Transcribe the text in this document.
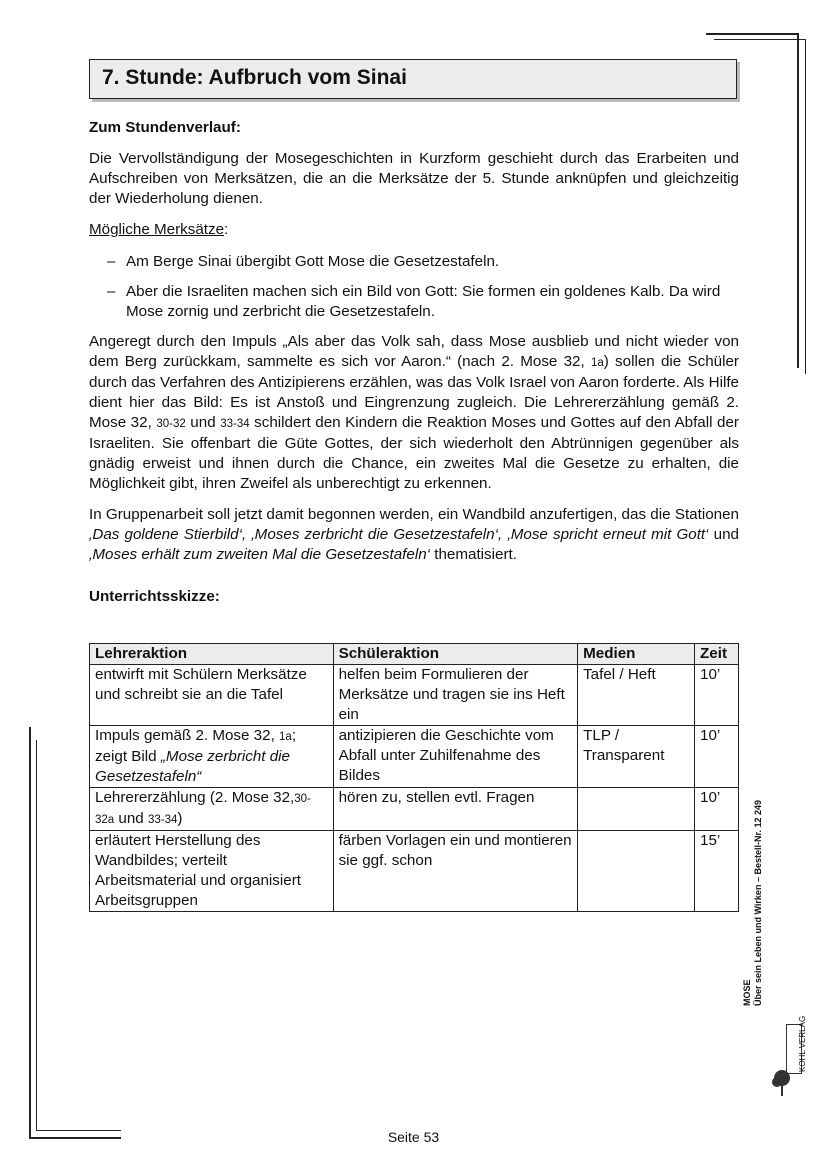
7. Stunde: Aufbruch vom Sinai

Zum Stundenverlauf:

Die Vervollständigung der Mosegeschichten in Kurzform geschieht durch das Erarbeiten und Aufschreiben von Merksätzen, die an die Merksätze der 5. Stunde anknüpfen und gleichzeitig der Wiederholung dienen.

Mögliche Merksätze:

– Am Berge Sinai übergibt Gott Mose die Gesetzestafeln.
– Aber die Israeliten machen sich ein Bild von Gott: Sie formen ein goldenes Kalb. Da wird Mose zornig und zerbricht die Gesetzestafeln.

Angeregt durch den Impuls „Als aber das Volk sah, dass Mose ausblieb und nicht wieder von dem Berg zurückkam, sammelte es sich vor Aaron.“ (nach 2. Mose 32, 1a) sollen die Schüler durch das Verfahren des Antizipierens erzählen, was das Volk Israel von Aaron forderte. Als Hilfe dient hier das Bild: Es ist Anstoß und Eingrenzung zugleich. Die Lehrererzählung gemäß 2. Mose 32, 30-32 und 33-34 schildert den Kindern die Reaktion Moses und Gottes auf den Abfall der Israeliten. Sie offenbart die Güte Gottes, der sich wiederholt den Abtrünnigen gegenüber als gnädig erweist und ihnen durch die Chance, ein zweites Mal die Gesetze zu erhalten, die Möglichkeit gibt, ihren Zweifel als unberechtigt zu erkennen.

In Gruppenarbeit soll jetzt damit begonnen werden, ein Wandbild anzufertigen, das die Stationen ‚Das goldene Stierbild‘, ‚Moses zerbricht die Gesetzestafeln‘, ‚Mose spricht erneut mit Gott‘ und ‚Moses erhält zum zweiten Mal die Gesetzestafeln‘ thematisiert.

Unterrichtsskizze:

Lehreraktion	Schüleraktion	Medien	Zeit
entwirft mit Schülern Merksätze und schreibt sie an die Tafel	helfen beim Formulieren der Merksätze und tragen sie ins Heft ein	Tafel / Heft	10’
Impuls gemäß 2. Mose 32, 1a; zeigt Bild „Mose zerbricht die Gesetzestafeln“	antizipieren die Geschichte vom Abfall unter Zuhilfenahme des Bildes	TLP / Transparent	10’
Lehrererzählung (2. Mose 32,30-32a und 33-34)	hören zu, stellen evtl. Fragen		10’
erläutert Herstellung des Wandbildes; verteilt Arbeitsmaterial und organisiert Arbeitsgruppen	färben Vorlagen ein und montieren sie ggf. schon		15’
MOSE Über sein Leben und Wirken – Bestell-Nr. 12 249
KOHL VERLAG
Seite 53
